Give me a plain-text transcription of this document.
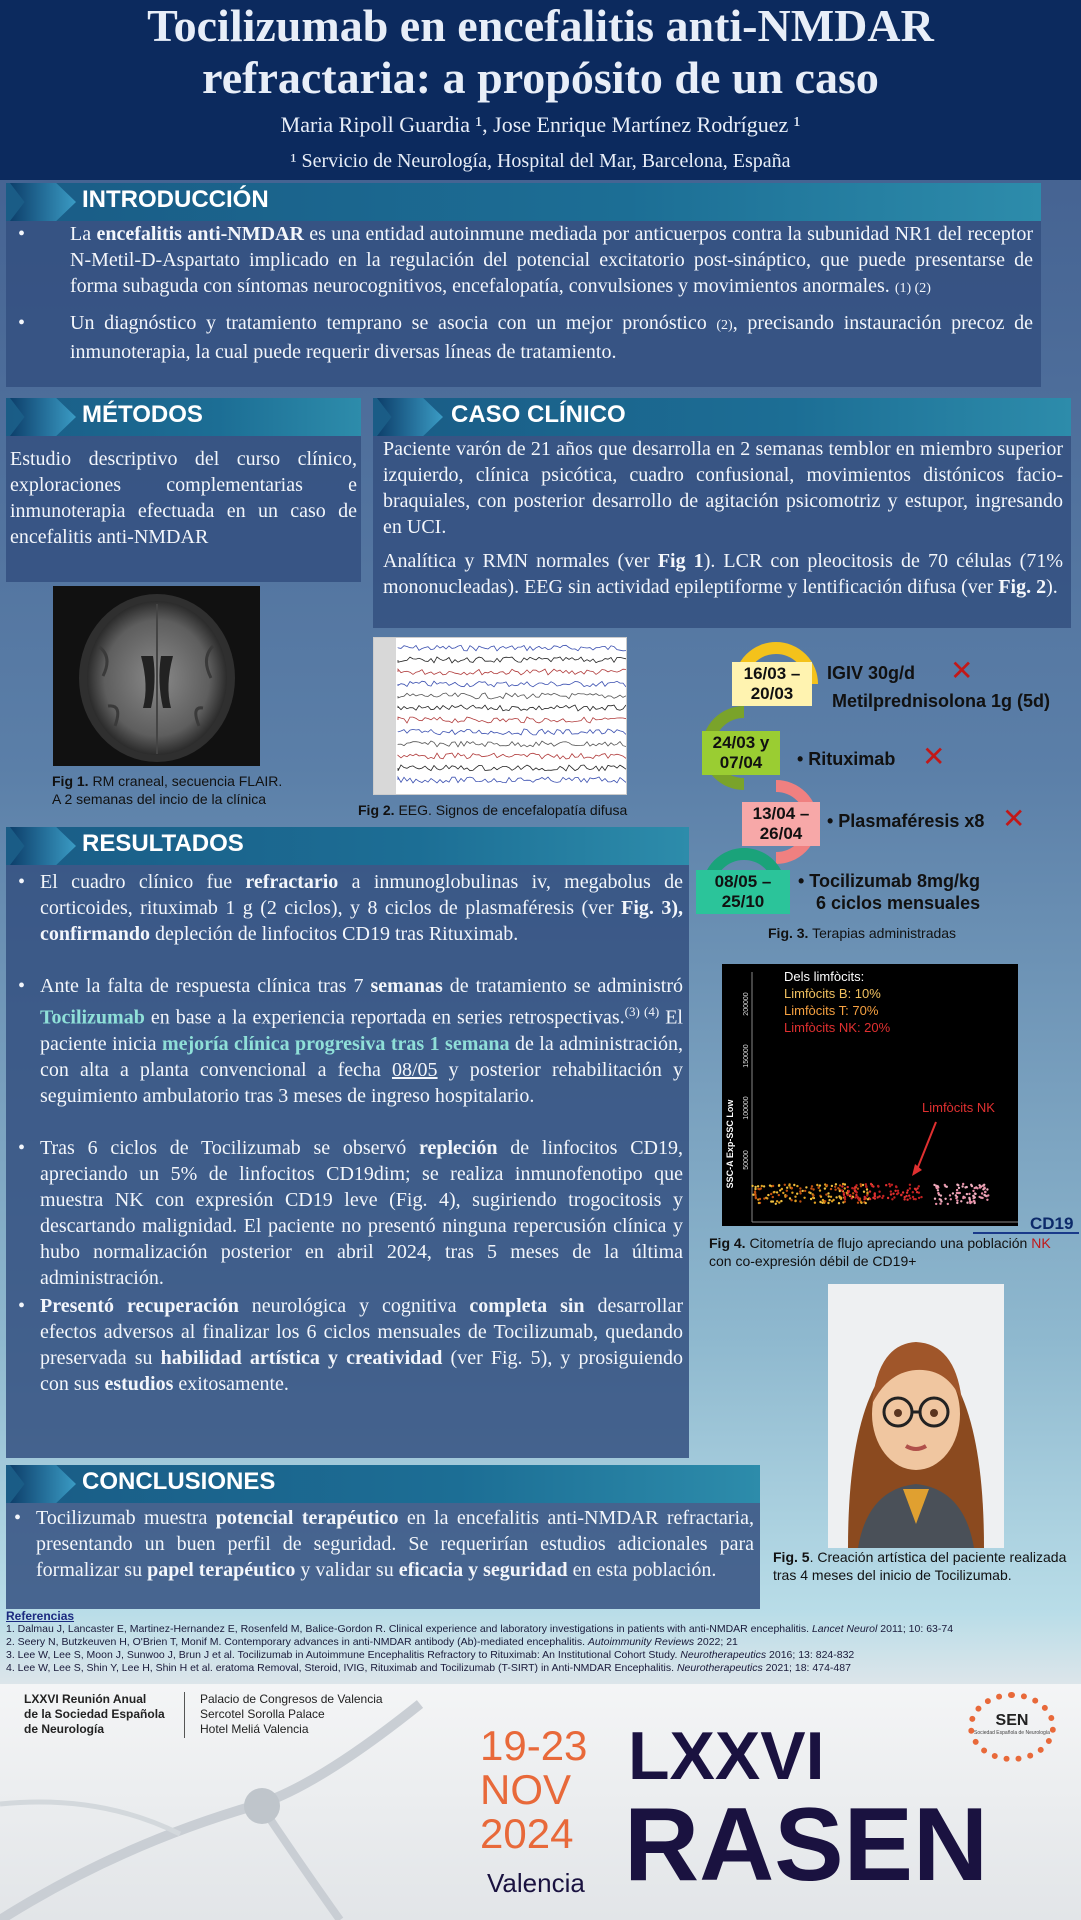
Tocilizumab en encefalitis anti-NMDAR
refractaria: a propósito de un caso
Maria Ripoll Guardia ¹, Jose Enrique Martínez Rodríguez ¹
¹ Servicio de Neurología, Hospital del Mar, Barcelona, España
INTRODUCCIÓN
• La encefalitis anti-NMDAR es una entidad autoinmune mediada por anticuerpos contra la subunidad NR1 del receptor N-Metil-D-Aspartato implicado en la regulación del potencial excitatorio post-sináptico, que puede presentarse de forma subaguda con síntomas neurocognitivos, encefalopatía, convulsiones y movimientos anormales. (1) (2)
• Un diagnóstico y tratamiento temprano se asocia con un mejor pronóstico (2), precisando instauración precoz de inmunoterapia, la cual puede requerir diversas líneas de tratamiento.
MÉTODOS
Estudio descriptivo del curso clínico, exploraciones complementarias e inmunoterapia efectuada en un caso de encefalitis anti-NMDAR
CASO CLÍNICO
Paciente varón de 21 años que desarrolla en 2 semanas temblor en miembro superior izquierdo, clínica psicótica, cuadro confusional, movimientos distónicos facio-braquiales, con posterior desarrollo de agitación psicomotriz y estupor, ingresando en UCI.
Analítica y RMN normales (ver Fig 1). LCR con pleocitosis de 70 células (71% mononucleadas). EEG sin actividad epileptiforme y lentificación difusa (ver Fig. 2).
Fig 1. RM craneal, secuencia FLAIR.
A 2 semanas del incio de la clínica
Fig 2. EEG. Signos de encefalopatía difusa
16/03 – 20/03
IGIV 30g/d
Metilprednisolona 1g (5d)
✕
24/03 y 07/04	• Rituximab ✕
13/04 – 26/04
• Plasmaféresis x8 ✕
08/05 – 25/10
• Tocilizumab 8mg/kg
6 ciclos mensuales
Fig. 3. Terapias administradas
RESULTADOS
• El cuadro clínico fue refractario a inmunoglobulinas iv, megabolus de corticoides, rituximab 1 g (2 ciclos), y 8 ciclos de plasmaféresis (ver Fig. 3), confirmando depleción de linfocitos CD19 tras Rituximab.
• Ante la falta de respuesta clínica tras 7 semanas de tratamiento se administró Tocilizumab en base a la experiencia reportada en series retrospectivas.$^{(3) (4)}$ El paciente inicia mejoría clínica progresiva tras 1 semana de la administración, con alta a planta convencional a fecha 08/05 y posterior rehabilitación y seguimiento ambulatorio tras 3 meses de ingreso hospitalario.
• Tras 6 ciclos de Tocilizumab se observó repleción de linfocitos CD19, apreciando un 5% de linfocitos CD19dim; se realiza inmunofenotipo que muestra NK con expresión CD19 leve (Fig. 4), sugiriendo trogocitosis y descartando malignidad. El paciente no presentó ninguna repercusión clínica y hubo normalización posterior en abril 2024, tras 5 meses de la última administración.
• Presentó recuperación neurológica y cognitiva completa sin desarrollar efectos adversos al finalizar los 6 ciclos mensuales de Tocilizumab, quedando preservada su habilidad artística y creatividad (ver Fig. 5), y prosiguiendo con sus estudios exitosamente.
Dels limfòcits:
Limfòcits B: 10%
Limfòcits T: 70%
Limfòcits NK: 20%
Limfòcits NK
SSC-A Exp-SSC Low
200000
150000
100000
50000
CD19
Fig 4. Citometría de flujo apreciando una población NK con co-expresión débil de CD19+
Fig. 5. Creación artística del paciente realizada tras 4 meses del inicio de Tocilizumab.
CONCLUSIONES
• Tocilizumab muestra potencial terapéutico en la encefalitis anti-NMDAR refractaria, presentando un buen perfil de seguridad. Se requerirían estudios adicionales para formalizar su papel terapéutico y validar su eficacia y seguridad en esta población.
Referencias
1. Dalmau J, Lancaster E, Martinez-Hernandez E, Rosenfeld M, Balice-Gordon R. Clinical experience and laboratory investigations in patients with anti-NMDAR encephalitis. Lancet Neurol 2011; 10: 63-74
2. Seery N, Butzkeuven H, O'Brien T, Monif M. Contemporary advances in anti-NMDAR antibody (Ab)-mediated encephalitis. Autoimmunity Reviews 2022; 21
3. Lee W, Lee S, Moon J, Sunwoo J, Brun J et al. Tocilizumab in Autoimmune Encephalitis Refractory to Rituximab: An Institutional Cohort Study. Neurotherapeutics 2016; 13: 824-832
4. Lee W, Lee S, Shin Y, Lee H, Shin H et al. eratoma Removal, Steroid, IVIG, Rituximab and Tocilizumab (T-SIRT) in Anti-NMDAR Encephalitis. Neurotherapeutics 2021; 18: 474-487
LXXVI Reunión Anual
de la Sociedad Española
de Neurología
Palacio de Congresos de Valencia
Sercotel Sorolla Palace
Hotel Meliá Valencia	19-23
NOV
2024
Valencia
LXXVI
RASEN
SEN
Sociedad Española de Neurología
